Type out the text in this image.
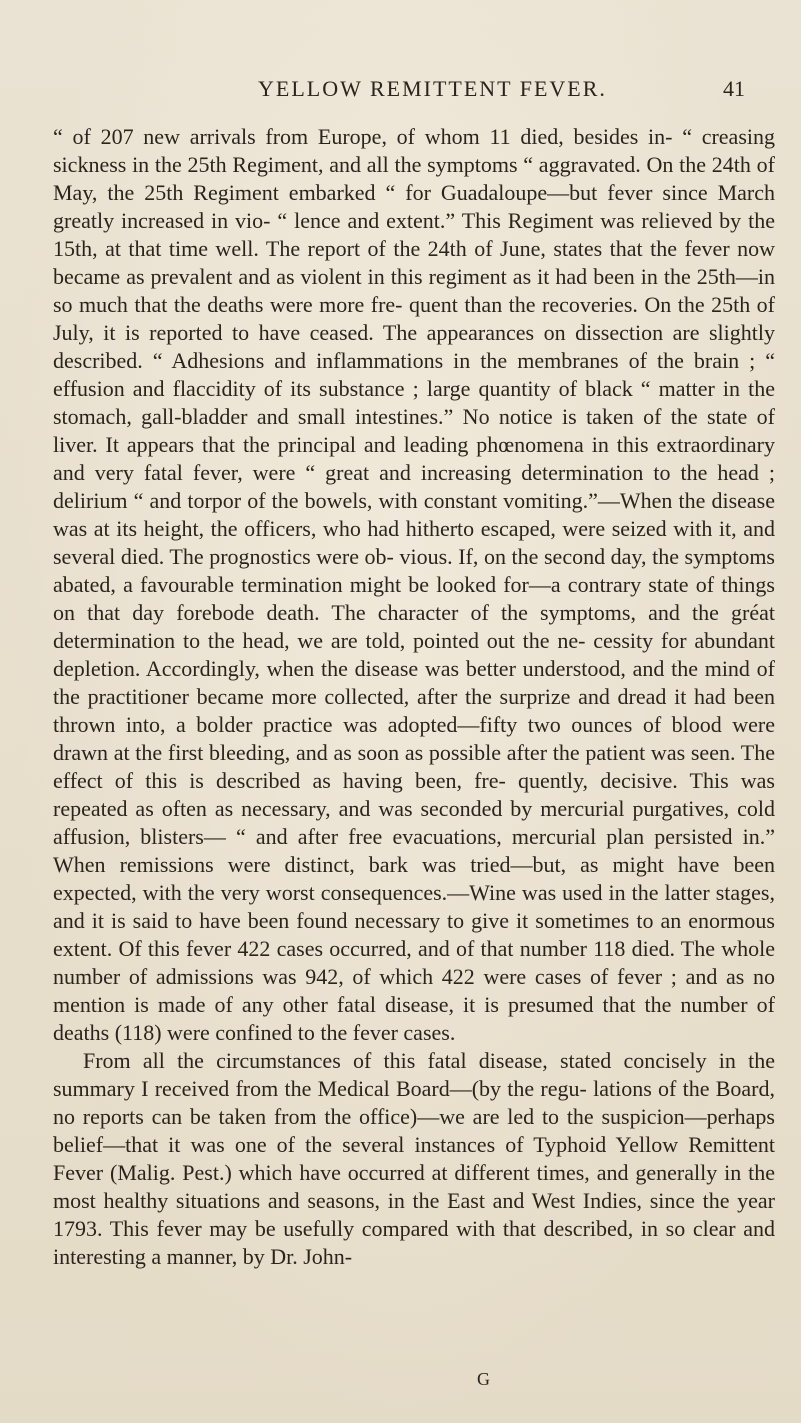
YELLOW REMITTENT FEVER.	41

“ of 207 new arrivals from Europe, of whom 11 died, besides in- “ creasing sickness in the 25th Regiment, and all the symptoms “ aggravated. On the 24th of May, the 25th Regiment embarked “ for Guadaloupe—but fever since March greatly increased in vio- “ lence and extent.” This Regiment was relieved by the 15th, at that time well. The report of the 24th of June, states that the fever now became as prevalent and as violent in this regiment as it had been in the 25th—in so much that the deaths were more fre- quent than the recoveries. On the 25th of July, it is reported to have ceased. The appearances on dissection are slightly described. “ Adhesions and inflammations in the membranes of the brain ; “ effusion and flaccidity of its substance ; large quantity of black “ matter in the stomach, gall-bladder and small intestines.” No notice is taken of the state of liver. It appears that the principal and leading phœnomena in this extraordinary and very fatal fever, were “ great and increasing determination to the head ; delirium “ and torpor of the bowels, with constant vomiting.”—When the disease was at its height, the officers, who had hitherto escaped, were seized with it, and several died. The prognostics were ob- vious. If, on the second day, the symptoms abated, a favourable termination might be looked for—a contrary state of things on that day forebode death. The character of the symptoms, and the gréat determination to the head, we are told, pointed out the ne- cessity for abundant depletion. Accordingly, when the disease was better understood, and the mind of the practitioner became more collected, after the surprize and dread it had been thrown into, a bolder practice was adopted—fifty two ounces of blood were drawn at the first bleeding, and as soon as possible after the patient was seen. The effect of this is described as having been, fre- quently, decisive. This was repeated as often as necessary, and was seconded by mercurial purgatives, cold affusion, blisters— “ and after free evacuations, mercurial plan persisted in.” When remissions were distinct, bark was tried—but, as might have been expected, with the very worst consequences.—Wine was used in the latter stages, and it is said to have been found necessary to give it sometimes to an enormous extent. Of this fever 422 cases occurred, and of that number 118 died. The whole number of admissions was 942, of which 422 were cases of fever ; and as no mention is made of any other fatal disease, it is presumed that the number of deaths (118) were confined to the fever cases.

From all the circumstances of this fatal disease, stated concisely in the summary I received from the Medical Board—(by the regu- lations of the Board, no reports can be taken from the office)—we are led to the suspicion—perhaps belief—that it was one of the several instances of Typhoid Yellow Remittent Fever (Malig. Pest.) which have occurred at different times, and generally in the most healthy situations and seasons, in the East and West Indies, since the year 1793. This fever may be usefully compared with that described, in so clear and interesting a manner, by Dr. John-

G
